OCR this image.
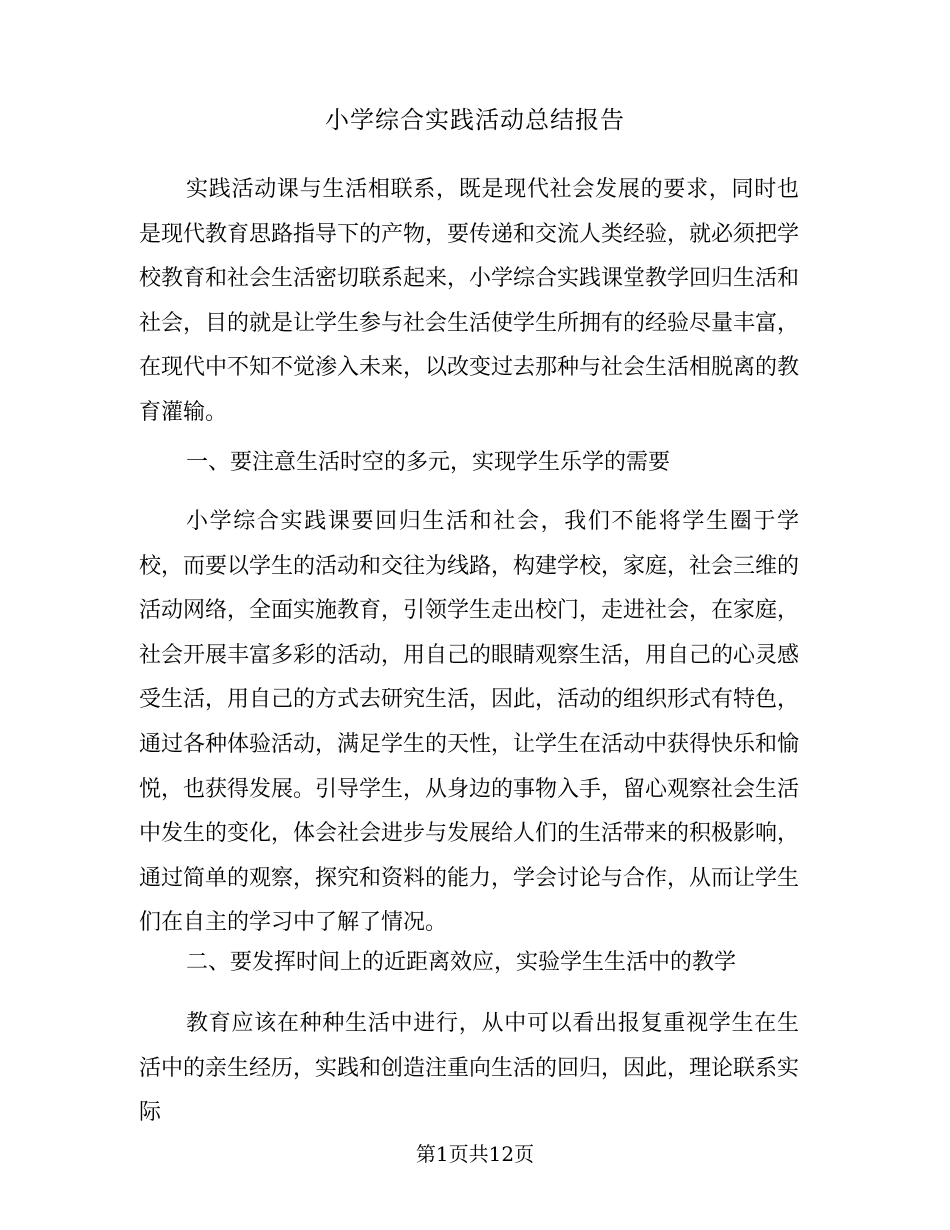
小学综合实践活动总结报告

实践活动课与生活相联系，既是现代社会发展的要求，同时也是现代教育思路指导下的产物，要传递和交流人类经验，就必须把学校教育和社会生活密切联系起来，小学综合实践课堂教学回归生活和社会，目的就是让学生参与社会生活使学生所拥有的经验尽量丰富，在现代中不知不觉渗入未来，以改变过去那种与社会生活相脱离的教育灌输。

一、要注意生活时空的多元，实现学生乐学的需要

小学综合实践课要回归生活和社会，我们不能将学生圈于学校，而要以学生的活动和交往为线路，构建学校，家庭，社会三维的活动网络，全面实施教育，引领学生走出校门，走进社会，在家庭，社会开展丰富多彩的活动，用自己的眼睛观察生活，用自己的心灵感受生活，用自己的方式去研究生活，因此，活动的组织形式有特色，通过各种体验活动，满足学生的天性，让学生在活动中获得快乐和愉悦，也获得发展。引导学生，从身边的事物入手，留心观察社会生活中发生的变化，体会社会进步与发展给人们的生活带来的积极影响，通过简单的观察，探究和资料的能力，学会讨论与合作，从而让学生们在自主的学习中了解了情况。

二、要发挥时间上的近距离效应，实验学生生活中的教学

教育应该在种种生活中进行，从中可以看出报复重视学生在生活中的亲生经历，实践和创造注重向生活的回归，因此，理论联系实际

第1页共12页
